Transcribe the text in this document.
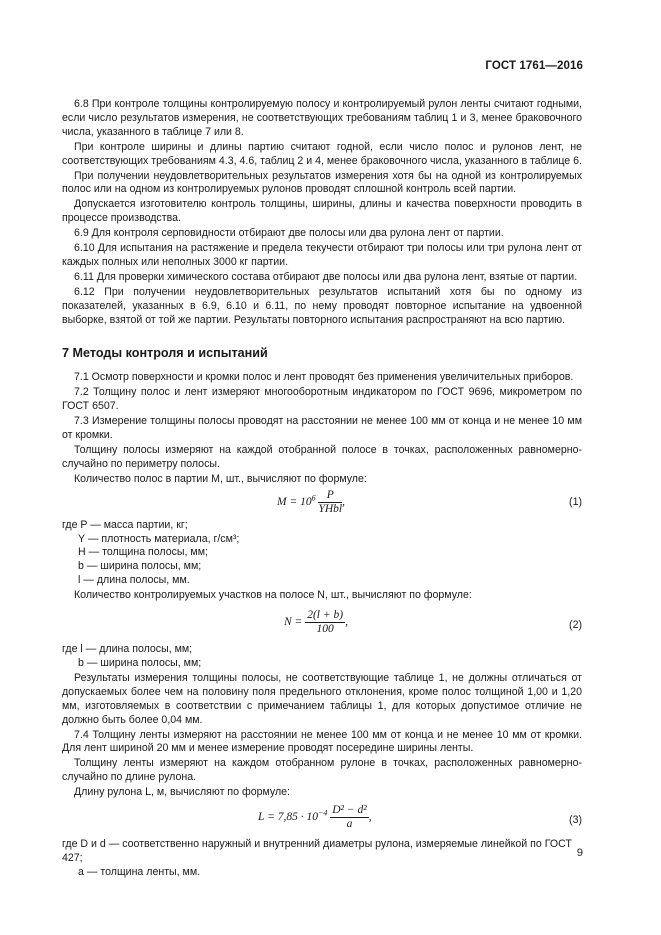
ГОСТ 1761—2016

6.8 При контроле толщины контролируемую полосу и контролируемый рулон ленты считают годными, если число результатов измерения, не соответствующих требованиям таблиц 1 и 3, менее браковочного числа, указанного в таблице 7 или 8.

При контроле ширины и длины партию считают годной, если число полос и рулонов лент, не соответствующих требованиям 4.3, 4.6, таблиц 2 и 4, менее браковочного числа, указанного в таблице 6.

При получении неудовлетворительных результатов измерения хотя бы на одной из контролируемых полос или на одном из контролируемых рулонов проводят сплошной контроль всей партии.

Допускается изготовителю контроль толщины, ширины, длины и качества поверхности проводить в процессе производства.

6.9 Для контроля серповидности отбирают две полосы или два рулона лент от партии.

6.10 Для испытания на растяжение и предела текучести отбирают три полосы или три рулона лент от каждых полных или неполных 3000 кг партии.

6.11 Для проверки химического состава отбирают две полосы или два рулона лент, взятые от партии.

6.12 При получении неудовлетворительных результатов испытаний хотя бы по одному из показателей, указанных в 6.9, 6.10 и 6.11, по нему проводят повторное испытание на удвоенной выборке, взятой от той же партии. Результаты повторного испытания распространяют на всю партию.

7 Методы контроля и испытаний

7.1 Осмотр поверхности и кромки полос и лент проводят без применения увеличительных приборов.

7.2 Толщину полос и лент измеряют многооборотным индикатором по ГОСТ 9696, микрометром по ГОСТ 6507.

7.3 Измерение толщины полосы проводят на расстоянии не менее 100 мм от конца и не менее 10 мм от кромки.

Толщину полосы измеряют на каждой отобранной полосе в точках, расположенных равномерно-случайно по периметру полосы.

Количество полос в партии M, шт., вычисляют по формуле:

$M = 10^6 \frac{P}{\text{YHbl}}$ ,	(1)
где P — масса партии, кг;
Y — плотность материала, г/см³;
H — толщина полосы, мм;
b — ширина полосы, мм;
l — длина полосы, мм.

Количество контролируемых участков на полосе N, шт., вычисляют по формуле:

$N = \frac{2(l + b)}{100}$ ,	(2)
где l — длина полосы, мм;
b — ширина полосы, мм;

Результаты измерения толщины полосы, не соответствующие таблице 1, не должны отличаться от допускаемых более чем на половину поля предельного отклонения, кроме полос толщиной 1,00 и 1,20 мм, изготовляемых в соответствии с примечанием таблицы 1, для которых допустимое отличие не должно быть более 0,04 мм.

7.4 Толщину ленты измеряют на расстоянии не менее 100 мм от конца и не менее 10 мм от кромки. Для лент шириной 20 мм и менее измерение проводят посередине ширины ленты.

Толщину ленты измеряют на каждом отобранном рулоне в точках, расположенных равномерно-случайно по длине рулона.

Длину рулона L, м, вычисляют по формуле:

$L = 7,85 \cdot 10^{-4} \frac{\text{D² − d²}}{a}$ ,	(3)
где D и d — соответственно наружный и внутренний диаметры рулона, измеряемые линейкой по ГОСТ 427;
a — толщина ленты, мм.
9
